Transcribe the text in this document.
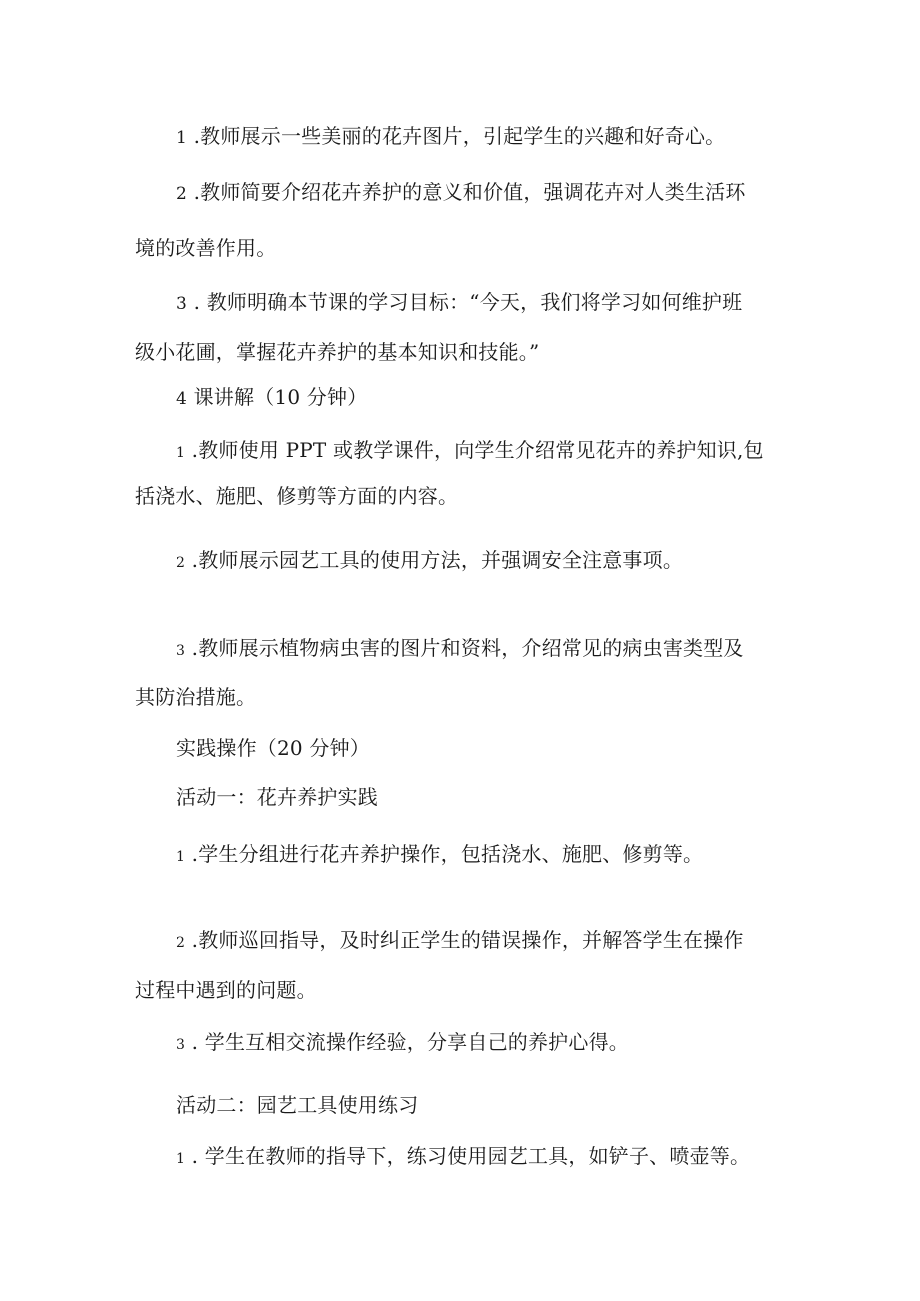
1 .教师展示一些美丽的花卉图片，引起学生的兴趣和好奇心。
2 .教师简要介绍花卉养护的意义和价值，强调花卉对人类生活环
境的改善作用。
3 . 教师明确本节课的学习目标：“今天，我们将学习如何维护班
级小花圃，掌握花卉养护的基本知识和技能。”
4 课讲解（10 分钟）
1 .教师使用 PPT 或教学课件，向学生介绍常见花卉的养护知识,包
括浇水、施肥、修剪等方面的内容。
2 .教师展示园艺工具的使用方法，并强调安全注意事项。
3 .教师展示植物病虫害的图片和资料，介绍常见的病虫害类型及
其防治措施。
实践操作（20 分钟）
活动一：花卉养护实践
1 .学生分组进行花卉养护操作，包括浇水、施肥、修剪等。
2 .教师巡回指导，及时纠正学生的错误操作，并解答学生在操作
过程中遇到的问题。
3 . 学生互相交流操作经验，分享自己的养护心得。
活动二：园艺工具使用练习
1 . 学生在教师的指导下，练习使用园艺工具，如铲子、喷壶等。
